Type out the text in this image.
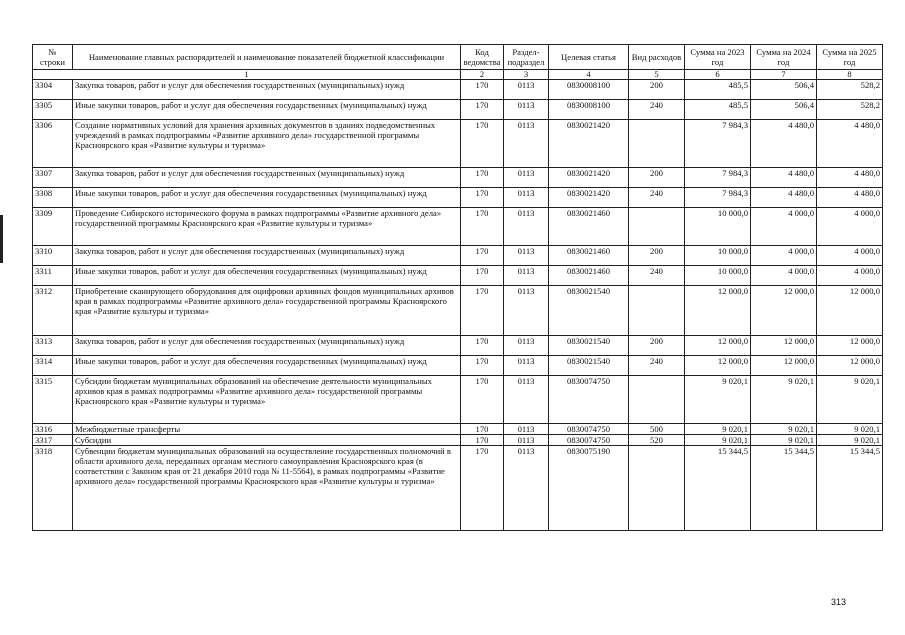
№ строки	Наименование главных распорядителей и наименование показателей бюджетной классификации	Код ведомства	Раздел-подраздел	Целевая статья	Вид расходов	Сумма на 2023 год	Сумма на 2024 год	Сумма на 2025 год
1		2	3	4	5	6	7	8
3304	Закупка товаров, работ и услуг для обеспечения государственных (муниципальных) нужд	170	0113	0830008100	200	485,5	506,4	528,2
3305	Иные закупки товаров, работ и услуг для обеспечения государственных (муниципальных) нужд	170	0113	0830008100	240	485,5	506,4	528,2
3306	Создание нормативных условий для хранения архивных документов в зданиях подведомственных учреждений в рамках подпрограммы «Развитие архивного дела» государственной программы Красноярского края «Развитие культуры и туризма»	170	0113	0830021420		7 984,3	4 480,0	4 480,0
3307	Закупка товаров, работ и услуг для обеспечения государственных (муниципальных) нужд	170	0113	0830021420	200	7 984,3	4 480,0	4 480,0
3308	Иные закупки товаров, работ и услуг для обеспечения государственных (муниципальных) нужд	170	0113	0830021420	240	7 984,3	4 480,0	4 480,0
3309	Проведение Сибирского исторического форума в рамках подпрограммы «Развитие архивного дела» государственной программы Красноярского края «Развитие культуры и туризма»	170	0113	0830021460		10 000,0	4 000,0	4 000,0
3310	Закупка товаров, работ и услуг для обеспечения государственных (муниципальных) нужд	170	0113	0830021460	200	10 000,0	4 000,0	4 000,0
3311	Иные закупки товаров, работ и услуг для обеспечения государственных (муниципальных) нужд	170	0113	0830021460	240	10 000,0	4 000,0	4 000,0
3312	Приобретение сканирующего оборудования для оцифровки архивных фондов муниципальных архивов края в рамках подпрограммы «Развитие архивного дела» государственной программы Красноярского края «Развитие культуры и туризма»	170	0113	0830021540		12 000,0	12 000,0	12 000,0
3313	Закупка товаров, работ и услуг для обеспечения государственных (муниципальных) нужд	170	0113	0830021540	200	12 000,0	12 000,0	12 000,0
3314	Иные закупки товаров, работ и услуг для обеспечения государственных (муниципальных) нужд	170	0113	0830021540	240	12 000,0	12 000,0	12 000,0
3315	Субсидии бюджетам муниципальных образований на обеспечение деятельности муниципальных архивов края в рамках подпрограммы «Развитие архивного дела» государственной программы Красноярского края «Развитие культуры и туризма»	170	0113	0830074750		9 020,1	9 020,1	9 020,1
3316	Межбюджетные трансферты	170	0113	0830074750	500	9 020,1	9 020,1	9 020,1
3317	Субсидии	170	0113	0830074750	520	9 020,1	9 020,1	9 020,1
3318	Субвенции бюджетам муниципальных образований на осуществление государственных полномочий в области архивного дела, переданных органам местного самоуправления Красноярского края (в соответствии с Законом края от 21 декабря 2010 года № 11-5564), в рамках подпрограммы «Развитие архивного дела» государственной программы Красноярского края «Развитие культуры и туризма»	170	0113	0830075190		15 344,5	15 344,5	15 344,5
313
